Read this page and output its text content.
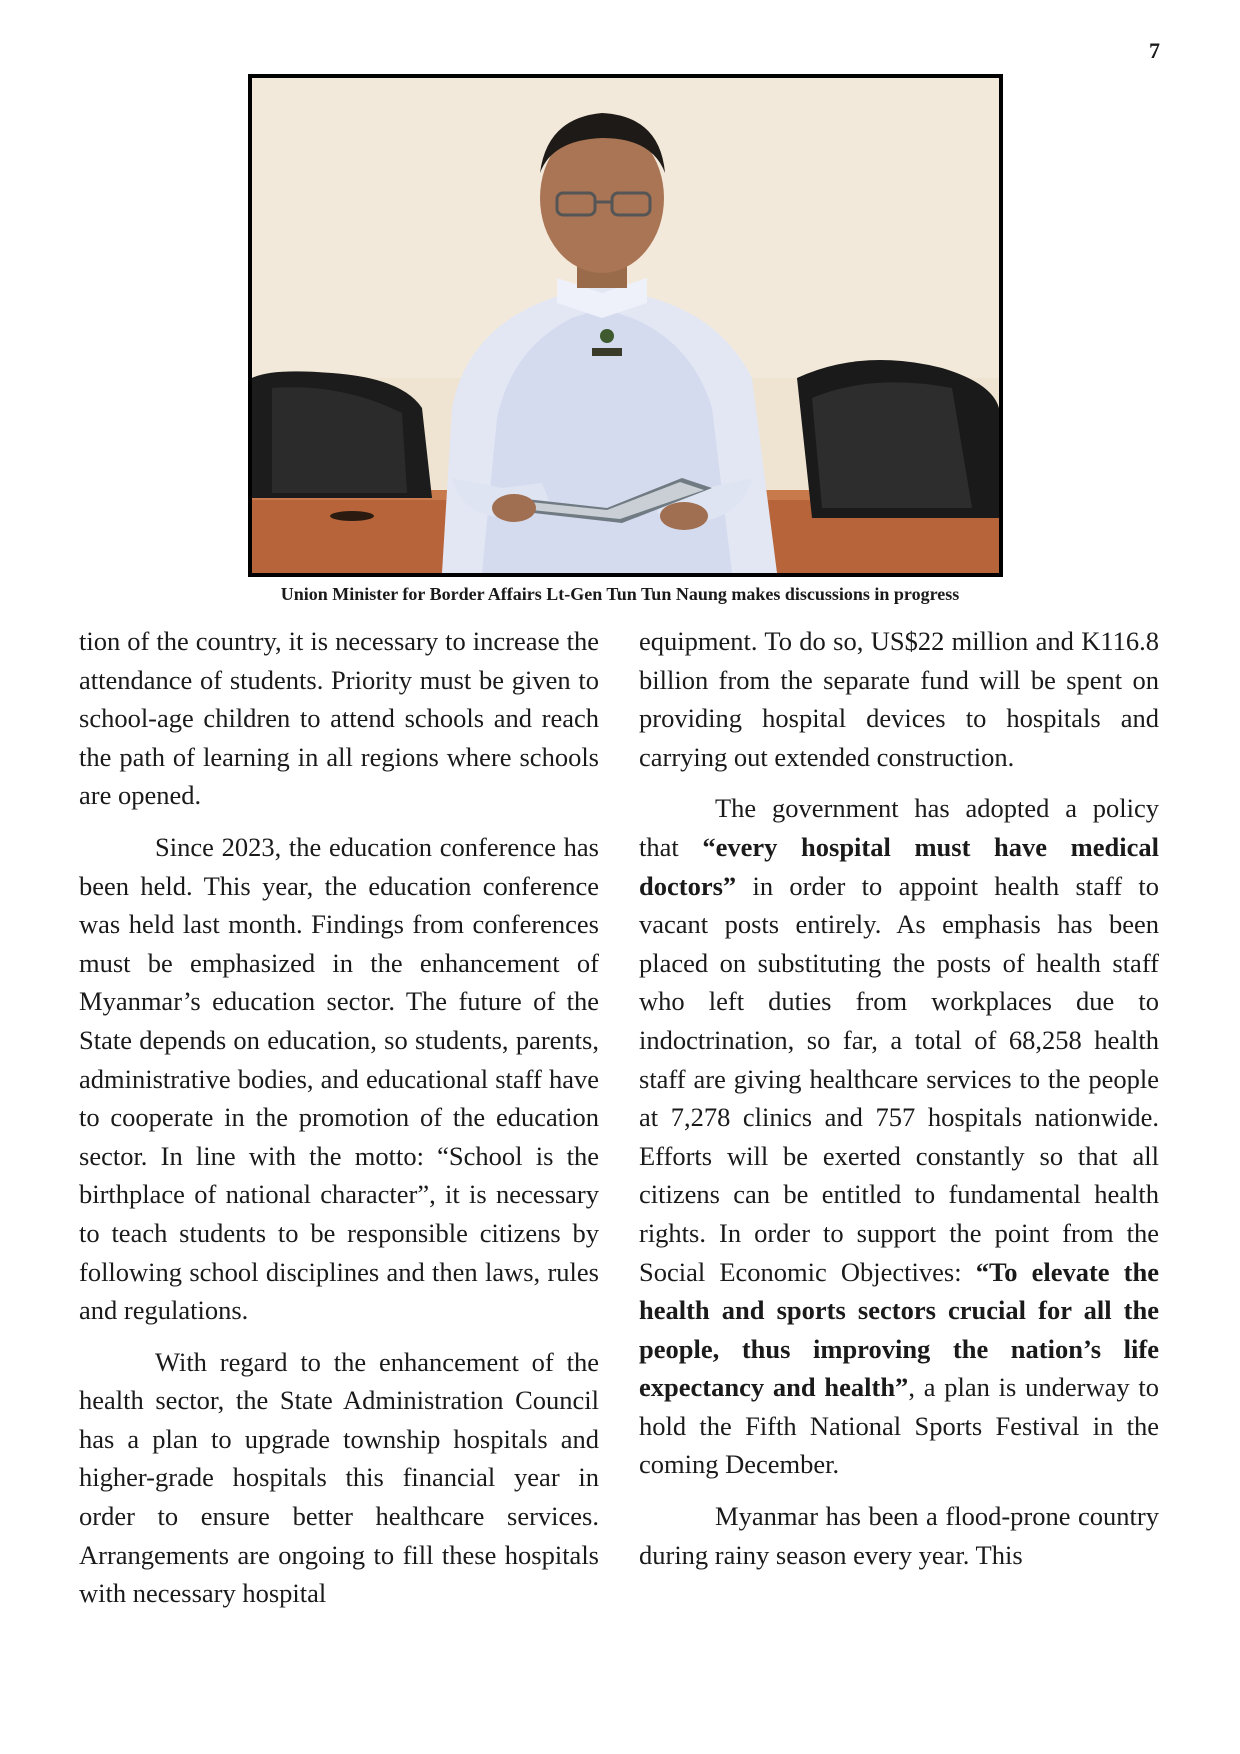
7
Union Minister for Border Affairs Lt-Gen Tun Tun Naung makes discussions in progress

tion of the country, it is necessary to increase the attendance of students. Priority must be given to school-age children to attend schools and reach the path of learning in all regions where schools are opened.

Since 2023, the education conference has been held. This year, the education conference was held last month. Findings from conferences must be emphasized in the enhancement of Myanmar’s education sector. The future of the State depends on education, so students, parents, administrative bodies, and educational staff have to cooperate in the promotion of the education sector. In line with the motto: “School is the birthplace of national character”, it is necessary to teach students to be responsible citizens by following school disciplines and then laws, rules and regulations.

With regard to the enhancement of the health sector, the State Administration Council has a plan to upgrade township hospitals and higher-grade hospitals this financial year in order to ensure better healthcare services. Arrangements are ongoing to fill these hospitals with necessary hospital

equipment. To do so, US$22 million and K116.8 billion from the separate fund will be spent on providing hospital devices to hospitals and carrying out extended construction.

The government has adopted a policy that “every hospital must have medical doctors” in order to appoint health staff to vacant posts entirely. As emphasis has been placed on substituting the posts of health staff who left duties from workplaces due to indoctrination, so far, a total of 68,258 health staff are giving healthcare services to the people at 7,278 clinics and 757 hospitals nationwide. Efforts will be exerted constantly so that all citizens can be entitled to fundamental health rights. In order to support the point from the Social Economic Objectives: “To elevate the health and sports sectors crucial for all the people, thus improving the nation’s life expectancy and health”, a plan is underway to hold the Fifth National Sports Festival in the coming December.

Myanmar has been a flood-prone country during rainy season every year. This
